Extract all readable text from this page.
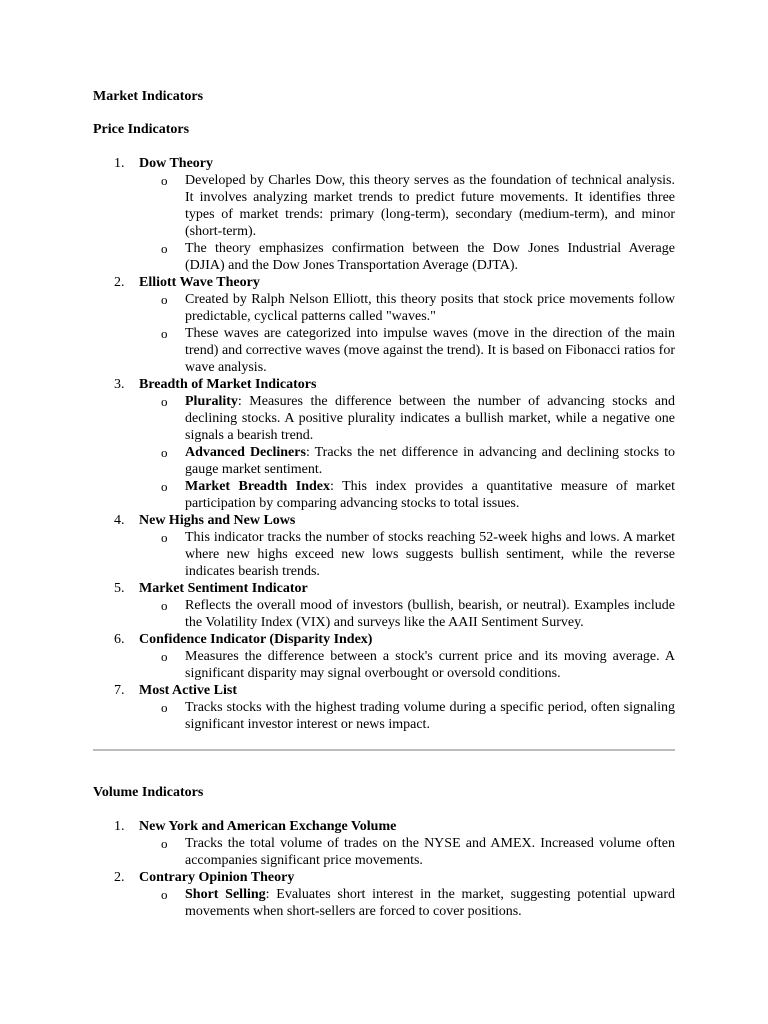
Market Indicators
Price Indicators
1. Dow Theory
o Developed by Charles Dow, this theory serves as the foundation of technical analysis. It involves analyzing market trends to predict future movements. It identifies three types of market trends: primary (long-term), secondary (medium-term), and minor (short-term).
o The theory emphasizes confirmation between the Dow Jones Industrial Average (DJIA) and the Dow Jones Transportation Average (DJTA).
2. Elliott Wave Theory
o Created by Ralph Nelson Elliott, this theory posits that stock price movements follow predictable, cyclical patterns called "waves."
o These waves are categorized into impulse waves (move in the direction of the main trend) and corrective waves (move against the trend). It is based on Fibonacci ratios for wave analysis.
3. Breadth of Market Indicators
o Plurality: Measures the difference between the number of advancing stocks and declining stocks. A positive plurality indicates a bullish market, while a negative one signals a bearish trend.
o Advanced Decliners: Tracks the net difference in advancing and declining stocks to gauge market sentiment.
o Market Breadth Index: This index provides a quantitative measure of market participation by comparing advancing stocks to total issues.
4. New Highs and New Lows
o This indicator tracks the number of stocks reaching 52-week highs and lows. A market where new highs exceed new lows suggests bullish sentiment, while the reverse indicates bearish trends.
5. Market Sentiment Indicator
o Reflects the overall mood of investors (bullish, bearish, or neutral). Examples include the Volatility Index (VIX) and surveys like the AAII Sentiment Survey.
6. Confidence Indicator (Disparity Index)
o Measures the difference between a stock's current price and its moving average. A significant disparity may signal overbought or oversold conditions.
7. Most Active List
o Tracks stocks with the highest trading volume during a specific period, often signaling significant investor interest or news impact.
Volume Indicators
1. New York and American Exchange Volume
o Tracks the total volume of trades on the NYSE and AMEX. Increased volume often accompanies significant price movements.
2. Contrary Opinion Theory
o Short Selling: Evaluates short interest in the market, suggesting potential upward movements when short-sellers are forced to cover positions.
